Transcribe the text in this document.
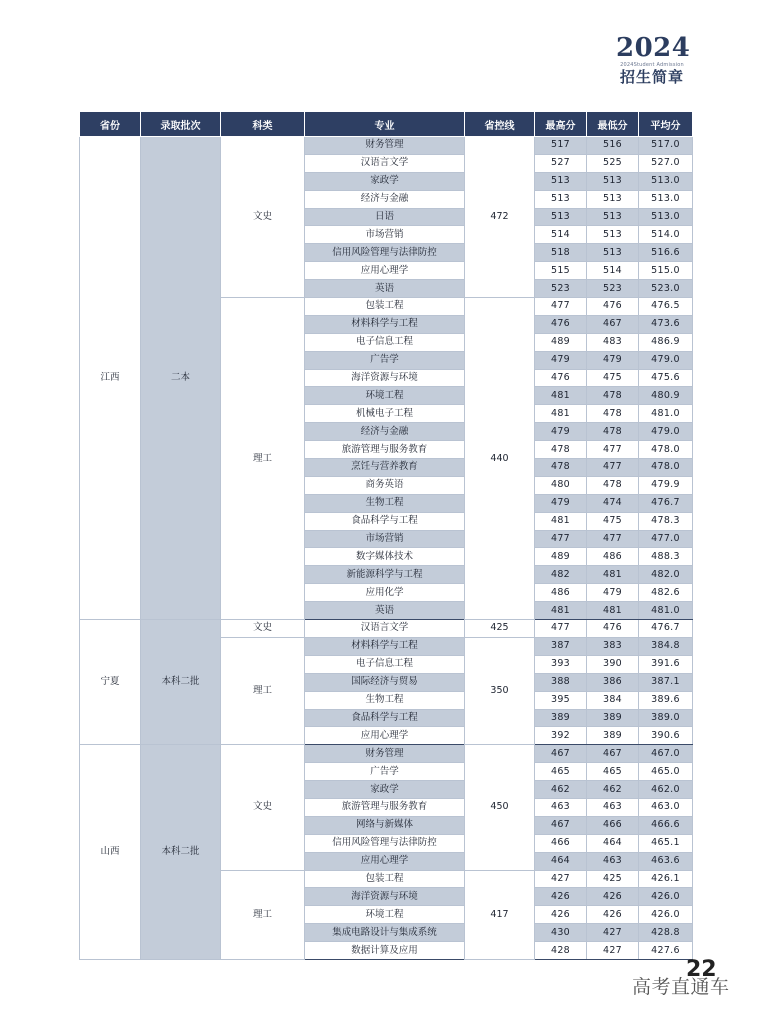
2024
2024Student Admission
招生简章
省份	录取批次	科类	专业	省控线	最高分	最低分	平均分
江西	二本	文史	财务管理	472	517	516	517.0
			汉语言文学		527	525	527.0
			家政学		513	513	513.0
			经济与金融		513	513	513.0
			日语		513	513	513.0
			市场营销		514	513	514.0
			信用风险管理与法律防控		518	513	516.6
			应用心理学		515	514	515.0
			英语		523	523	523.0
		理工	包装工程	440	477	476	476.5
			材料科学与工程		476	467	473.6
			电子信息工程		489	483	486.9
			广告学		479	479	479.0
			海洋资源与环境		476	475	475.6
			环境工程		481	478	480.9
			机械电子工程		481	478	481.0
			经济与金融		479	478	479.0
			旅游管理与服务教育		478	477	478.0
			烹饪与营养教育		478	477	478.0
			商务英语		480	478	479.9
			生物工程		479	474	476.7
			食品科学与工程		481	475	478.3
			市场营销		477	477	477.0
			数字媒体技术		489	486	488.3
			新能源科学与工程		482	481	482.0
			应用化学		486	479	482.6
			英语		481	481	481.0
宁夏	本科二批	文史	汉语言文学	425	477	476	476.7
		理工	材料科学与工程	350	387	383	384.8
			电子信息工程		393	390	391.6
			国际经济与贸易		388	386	387.1
			生物工程		395	384	389.6
			食品科学与工程		389	389	389.0
			应用心理学		392	389	390.6
山西	本科二批	文史	财务管理	450	467	467	467.0
			广告学		465	465	465.0
			家政学		462	462	462.0
			旅游管理与服务教育		463	463	463.0
			网络与新媒体		467	466	466.6
			信用风险管理与法律防控		466	464	465.1
			应用心理学		464	463	463.6
		理工	包装工程	417	427	425	426.1
			海洋资源与环境		426	426	426.0
			环境工程		426	426	426.0
			集成电路设计与集成系统		430	427	428.8
			数据计算及应用		428	427	427.6
22
高考直通车
